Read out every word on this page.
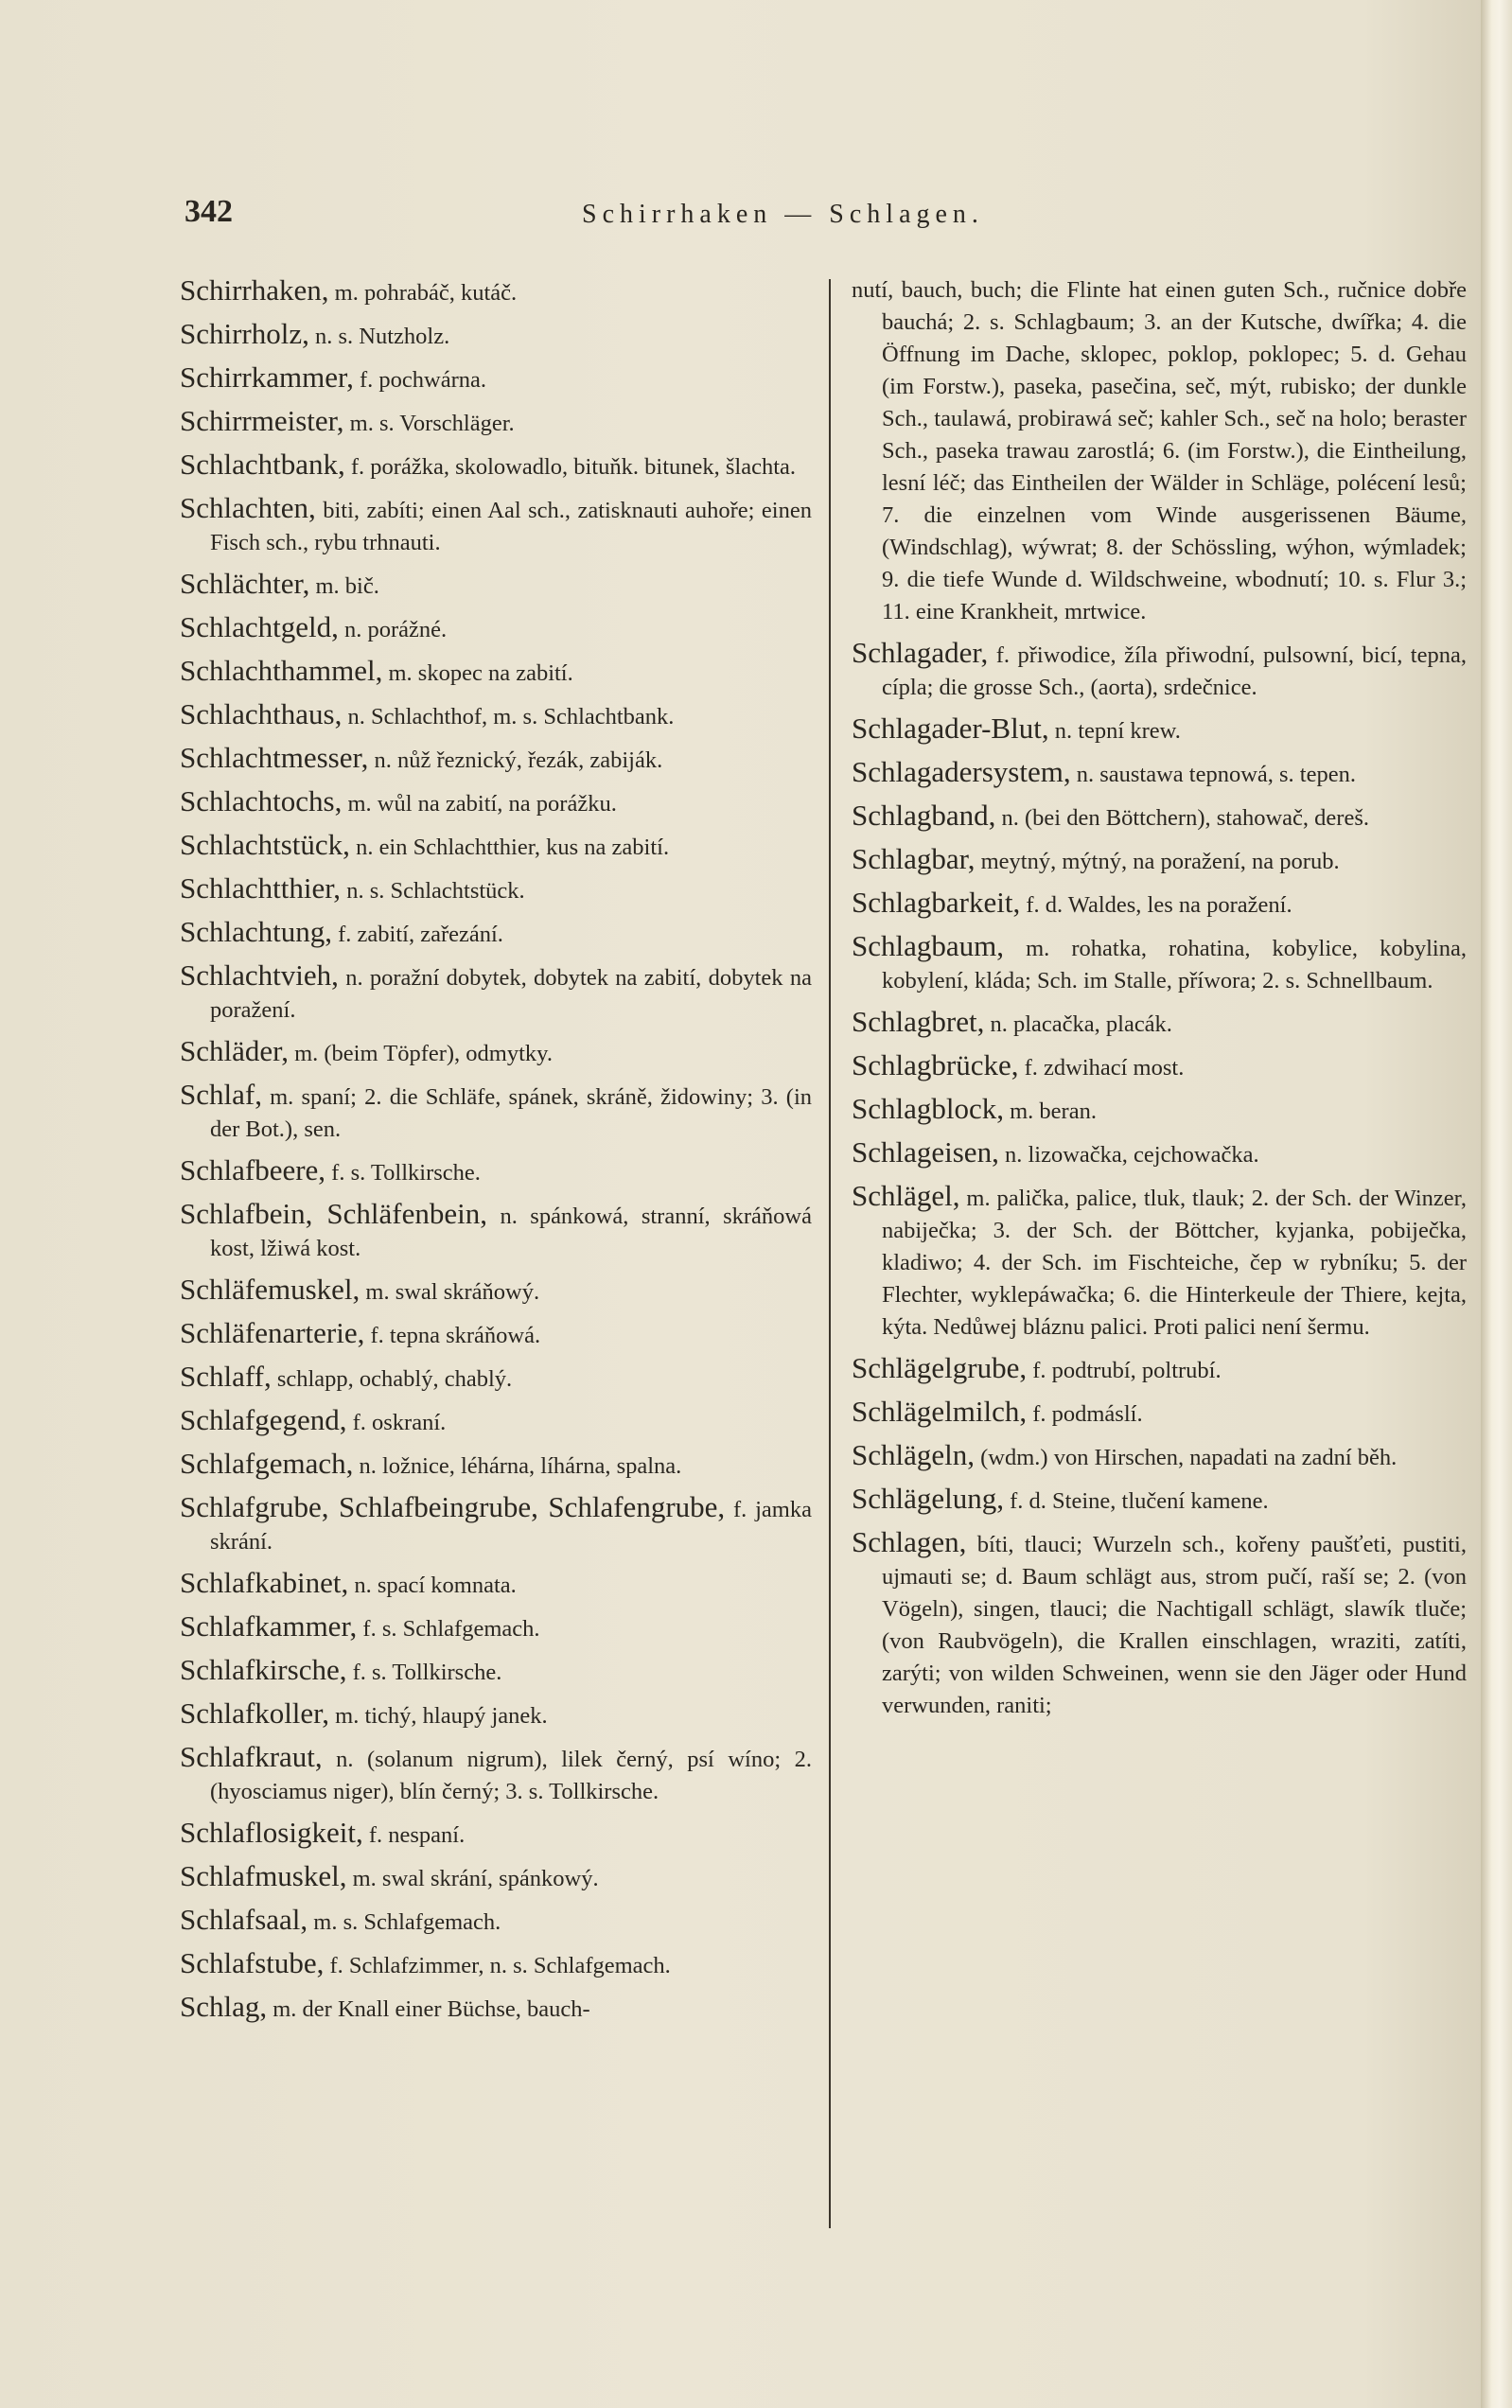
342	Schirrhaken — Schlagen.
Schirrhaken, m. pohrabáč, kutáč.
Schirrholz, n. s. Nutzholz.
Schirrkammer, f. pochwárna.
Schirrmeister, m. s. Vorschläger.
Schlachtbank, f. porážka, skolowadlo, bituňk. bitunek, šlachta.
Schlachten, biti, zabíti; einen Aal sch., zatisknauti auhoře; einen Fisch sch., rybu trhnauti.
Schlächter, m. bič.
Schlachtgeld, n. porážné.
Schlachthammel, m. skopec na zabití.
Schlachthaus, n. Schlachthof, m. s. Schlachtbank.
Schlachtmesser, n. nůž řeznický, řezák, zabiják.
Schlachtochs, m. wůl na zabití, na porážku.
Schlachtstück, n. ein Schlachtthier, kus na zabití.
Schlachtthier, n. s. Schlachtstück.
Schlachtung, f. zabití, zařezání.
Schlachtvieh, n. poražní dobytek, dobytek na zabití, dobytek na poražení.
Schläder, m. (beim Töpfer), odmytky.
Schlaf, m. spaní; 2. die Schläfe, spánek, skráně, židowiny; 3. (in der Bot.), sen.
Schlafbeere, f. s. Tollkirsche.
Schlafbein, Schläfenbein, n. spánkowá, stranní, skráňowá kost, lžiwá kost.
Schläfemuskel, m. swal skráňowý.
Schläfenarterie, f. tepna skráňowá.
Schlaff, schlapp, ochablý, chablý.
Schlafgegend, f. oskraní.
Schlafgemach, n. ložnice, léhárna, líhárna, spalna.
Schlafgrube, Schlafbeingrube, Schlafengrube, f. jamka skrání.
Schlafkabinet, n. spací komnata.
Schlafkammer, f. s. Schlafgemach.
Schlafkirsche, f. s. Tollkirsche.
Schlafkoller, m. tichý, hlaupý janek.
Schlafkraut, n. (solanum nigrum), lilek černý, psí wíno; 2. (hyosciamus niger), blín černý; 3. s. Tollkirsche.
Schlaflosigkeit, f. nespaní.
Schlafmuskel, m. swal skrání, spánkowý.
Schlafsaal, m. s. Schlafgemach.
Schlafstube, f. Schlafzimmer, n. s. Schlafgemach.
Schlag, m. der Knall einer Büchse, bauch-
nutí, bauch, buch; die Flinte hat einen guten Sch., ručnice dobře bauchá; 2. s. Schlagbaum; 3. an der Kutsche, dwířka; 4. die Öffnung im Dache, sklopec, poklop, poklopec; 5. d. Gehau (im Forstw.), paseka, pasečina, seč, mýt, rubisko; der dunkle Sch., taulawá, probirawá seč; kahler Sch., seč na holo; beraster Sch., paseka trawau zarostlá; 6. (im Forstw.), die Eintheilung, lesní léč; das Eintheilen der Wälder in Schläge, polécení lesů; 7. die einzelnen vom Winde ausgerissenen Bäume, (Windschlag), wýwrat; 8. der Schössling, wýhon, wýmladek; 9. die tiefe Wunde d. Wildschweine, wbodnutí; 10. s. Flur 3.; 11. eine Krankheit, mrtwice.
Schlagader, f. přiwodice, žíla přiwodní, pulsowní, bicí, tepna, cípla; die grosse Sch., (aorta), srdečnice.
Schlagader-Blut, n. tepní krew.
Schlagadersystem, n. saustawa tepnowá, s. tepen.
Schlagband, n. (bei den Böttchern), stahowač, dereš.
Schlagbar, meytný, mýtný, na poražení, na porub.
Schlagbarkeit, f. d. Waldes, les na poražení.
Schlagbaum, m. rohatka, rohatina, kobylice, kobylina, kobylení, kláda; Sch. im Stalle, příwora; 2. s. Schnellbaum.
Schlagbret, n. placačka, placák.
Schlagbrücke, f. zdwihací most.
Schlagblock, m. beran.
Schlageisen, n. lizowačka, cejchowačka.
Schlägel, m. palička, palice, tluk, tlauk; 2. der Sch. der Winzer, nabiječka; 3. der Sch. der Böttcher, kyjanka, pobiječka, kladiwo; 4. der Sch. im Fischteiche, čep w rybníku; 5. der Flechter, wyklepáwačka; 6. die Hinterkeule der Thiere, kejta, kýta. Nedůwej bláznu palici. Proti palici není šermu.
Schlägelgrube, f. podtrubí, poltrubí.
Schlägelmilch, f. podmáslí.
Schlägeln, (wdm.) von Hirschen, napadati na zadní běh.
Schlägelung, f. d. Steine, tlučení kamene.
Schlagen, bíti, tlauci; Wurzeln sch., kořeny paušťeti, pustiti, ujmauti se; d. Baum schlägt aus, strom pučí, raší se; 2. (von Vögeln), singen, tlauci; die Nachtigall schlägt, slawík tluče; (von Raubvögeln), die Krallen einschlagen, wraziti, zatíti, zarýti; von wilden Schweinen, wenn sie den Jäger oder Hund verwunden, raniti;
